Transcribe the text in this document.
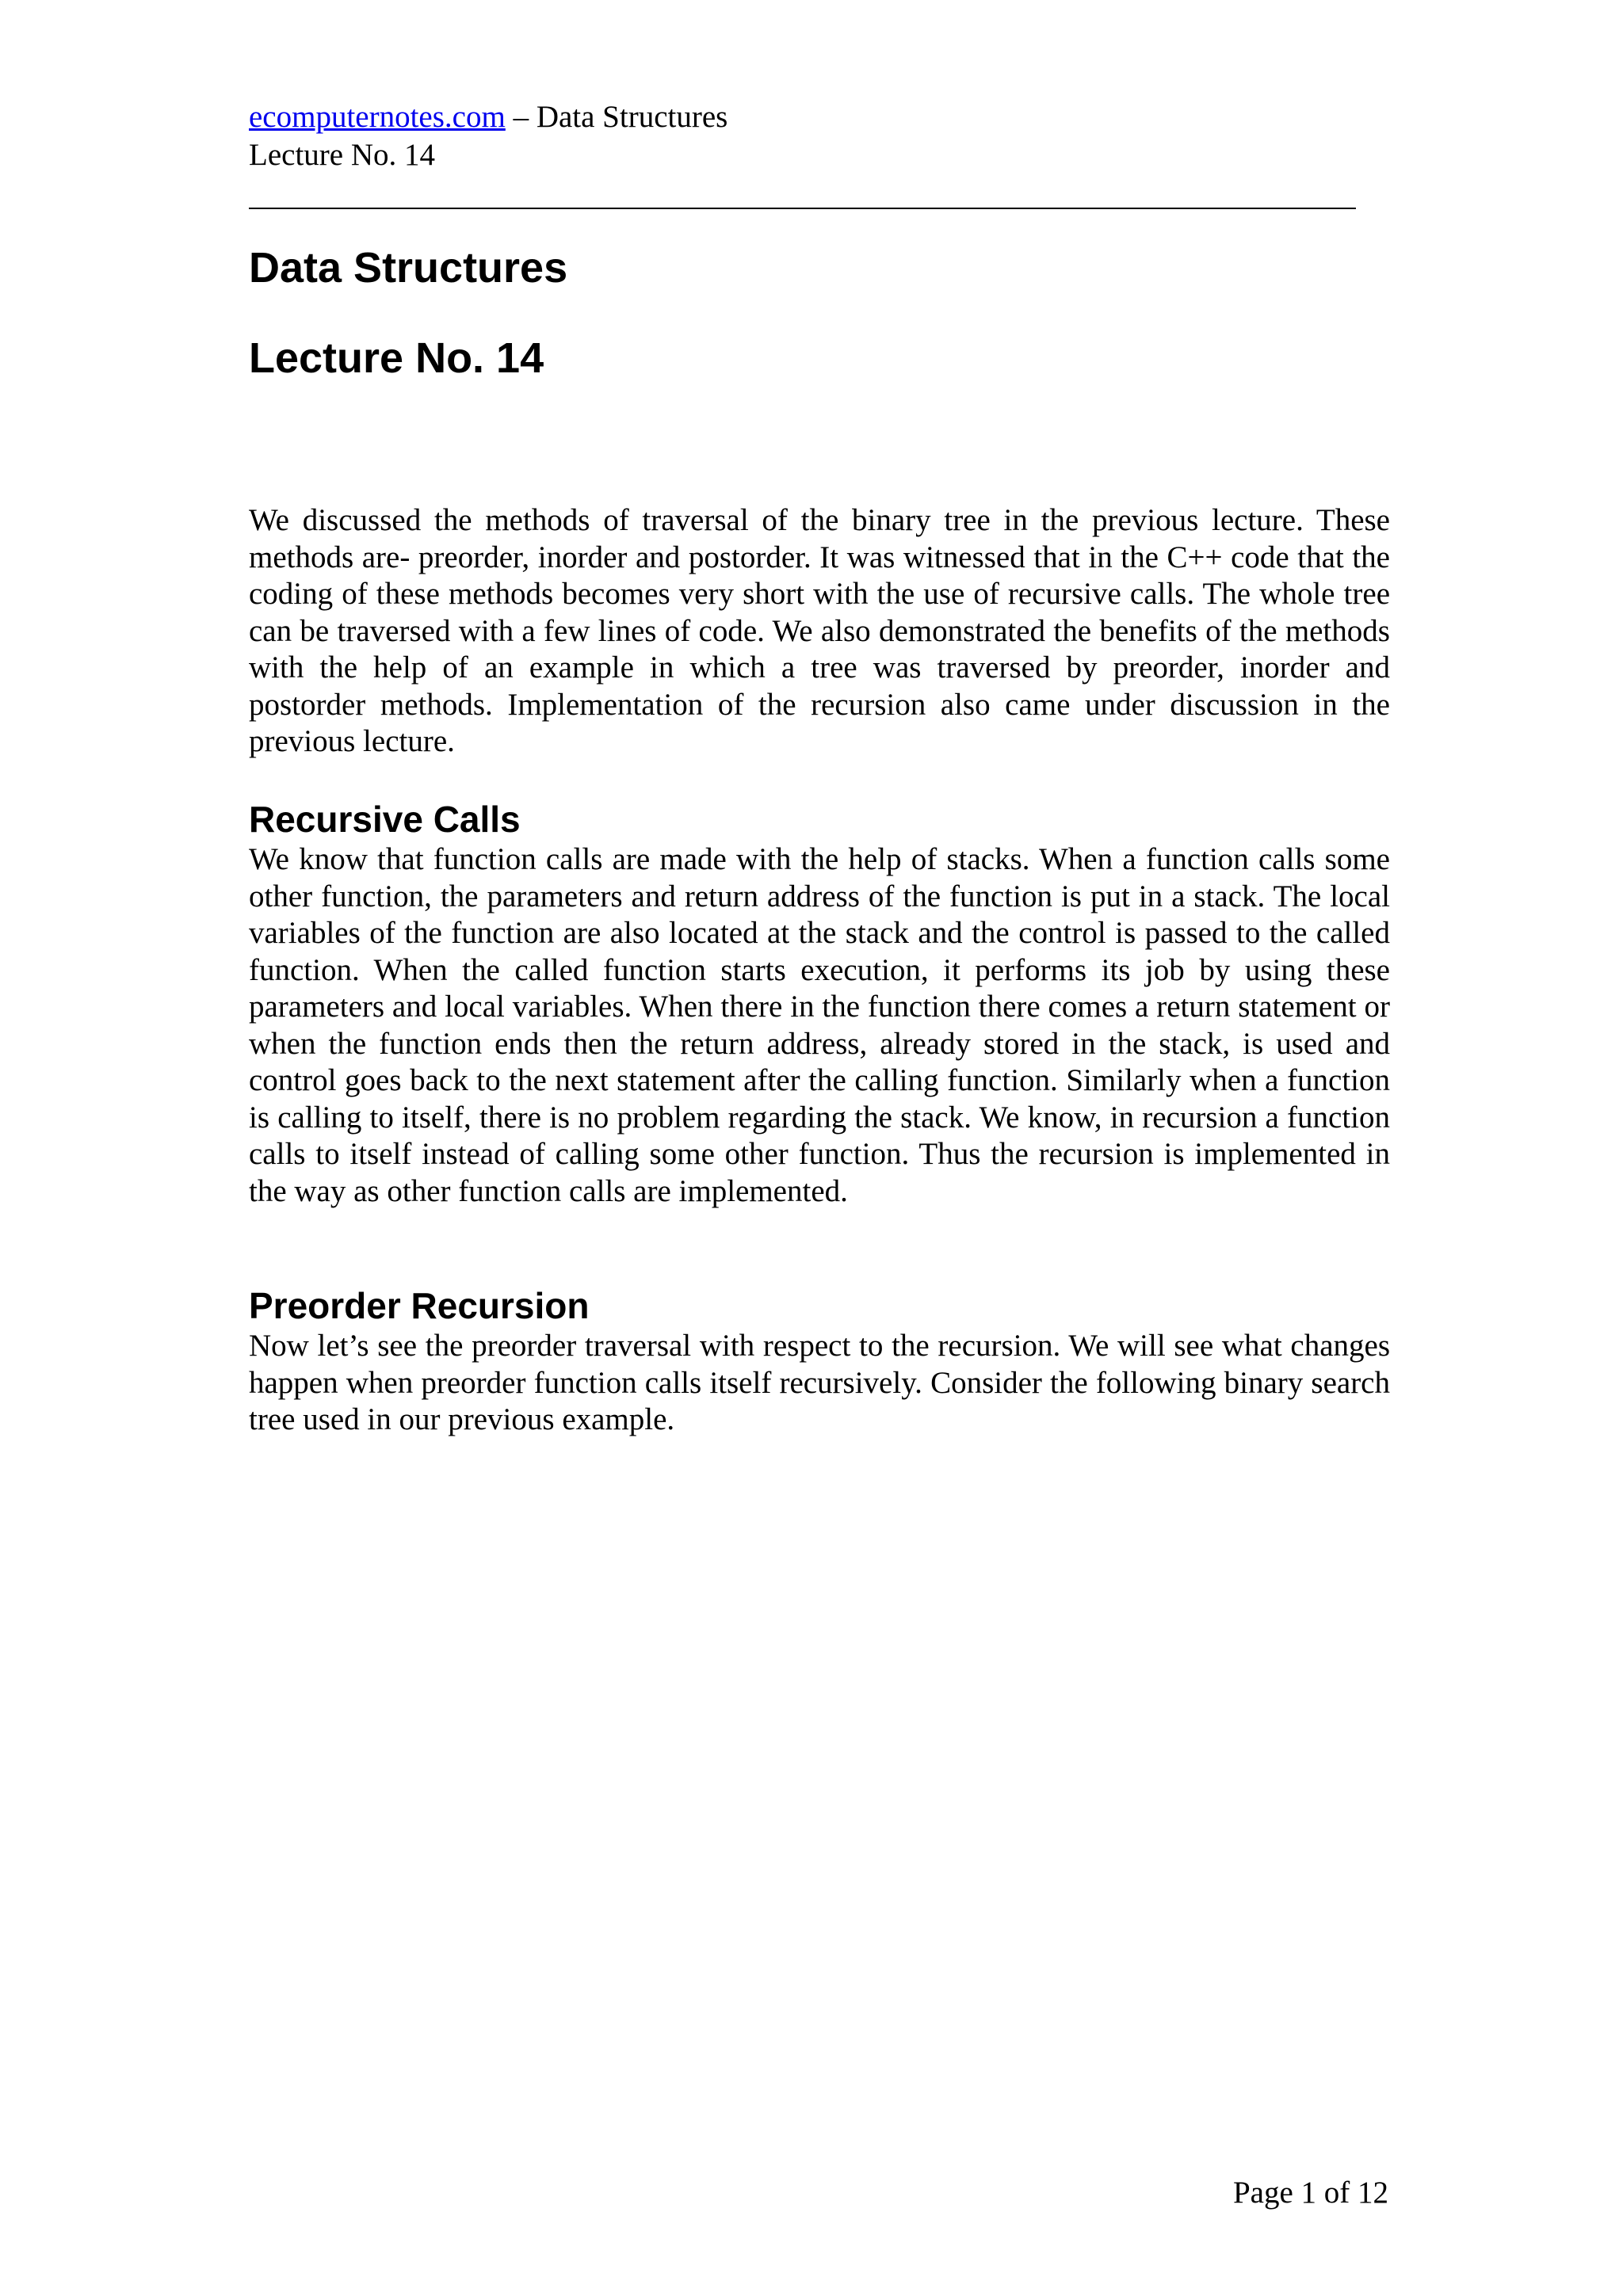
ecomputernotes.com – Data Structures
Lecture No. 14
Data Structures
Lecture No. 14

We discussed the methods of traversal of the binary tree in the previous lecture. These methods are- preorder, inorder and postorder. It was witnessed that in the C++ code that the coding of these methods becomes very short with the use of recursive calls. The whole tree can be traversed with a few lines of code. We also demonstrated the benefits of the methods with the help of an example in which a tree was traversed by preorder, inorder and postorder methods. Implementation of the recursion also came under discussion in the previous lecture.

Recursive Calls

We know that function calls are made with the help of stacks. When a function calls some other function, the parameters and return address of the function is put in a stack. The local variables of the function are also located at the stack and the control is passed to the called function. When the called function starts execution, it performs its job by using these parameters and local variables. When there in the function there comes a return statement or when the function ends then the return address, already stored in the stack, is used and control goes back to the next statement after the calling function. Similarly when a function is calling to itself, there is no problem regarding the stack. We know, in recursion a function calls to itself instead of calling some other function. Thus the recursion is implemented in the way as other function calls are implemented.

Preorder Recursion

Now let’s see the preorder traversal with respect to the recursion. We will see what changes happen when preorder function calls itself recursively. Consider the following binary search tree used in our previous example.

Page 1 of 12
